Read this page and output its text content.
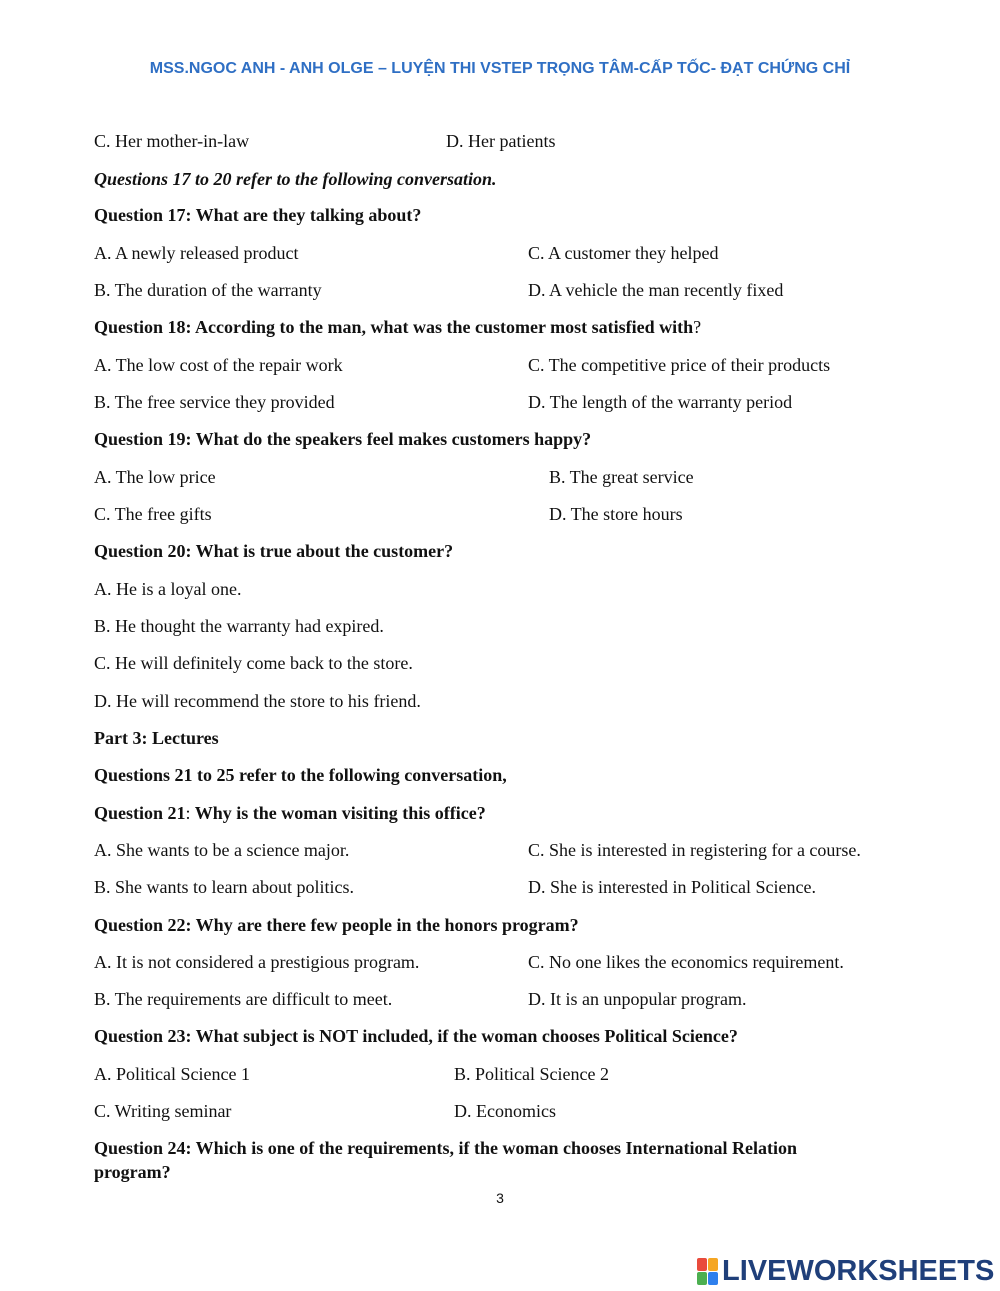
MSS.NGOC ANH - ANH OLGE – LUYỆN THI VSTEP TRỌNG TÂM-CẤP TỐC- ĐẠT CHỨNG CHỈ
C. Her mother-in-law	D. Her patients
Questions 17 to 20 refer to the following conversation.
Question 17: What are they talking about?
A. A newly released product	C. A customer they helped
B. The duration of the warranty	D. A vehicle the man recently fixed
Question 18: According to the man, what was the customer most satisfied with?
A. The low cost of the repair work	C. The competitive price of their products
B. The free service they provided	D. The length of the warranty period
Question 19: What do the speakers feel makes customers happy?
A. The low price	B. The great service
C. The free gifts	D. The store hours
Question 20: What is true about the customer?
A. He is a loyal one.
B. He thought the warranty had expired.
C. He will definitely come back to the store.
D. He will recommend the store to his friend.
Part 3: Lectures
Questions 21 to 25 refer to the following conversation,
Question 21: Why is the woman visiting this office?
A. She wants to be a science major.	C. She is interested in registering for a course.
B. She wants to learn about politics.	D. She is interested in Political Science.
Question 22: Why are there few people in the honors program?
A. It is not considered a prestigious program.	C. No one likes the economics requirement.
B. The requirements are difficult to meet.	D. It is an unpopular program.
Question 23: What subject is NOT included, if the woman chooses Political Science?
A. Political Science 1	B. Political Science 2
C. Writing seminar	D. Economics
Question 24: Which is one of the requirements, if the woman chooses International Relation
program?
3
LIVEWORKSHEETS
